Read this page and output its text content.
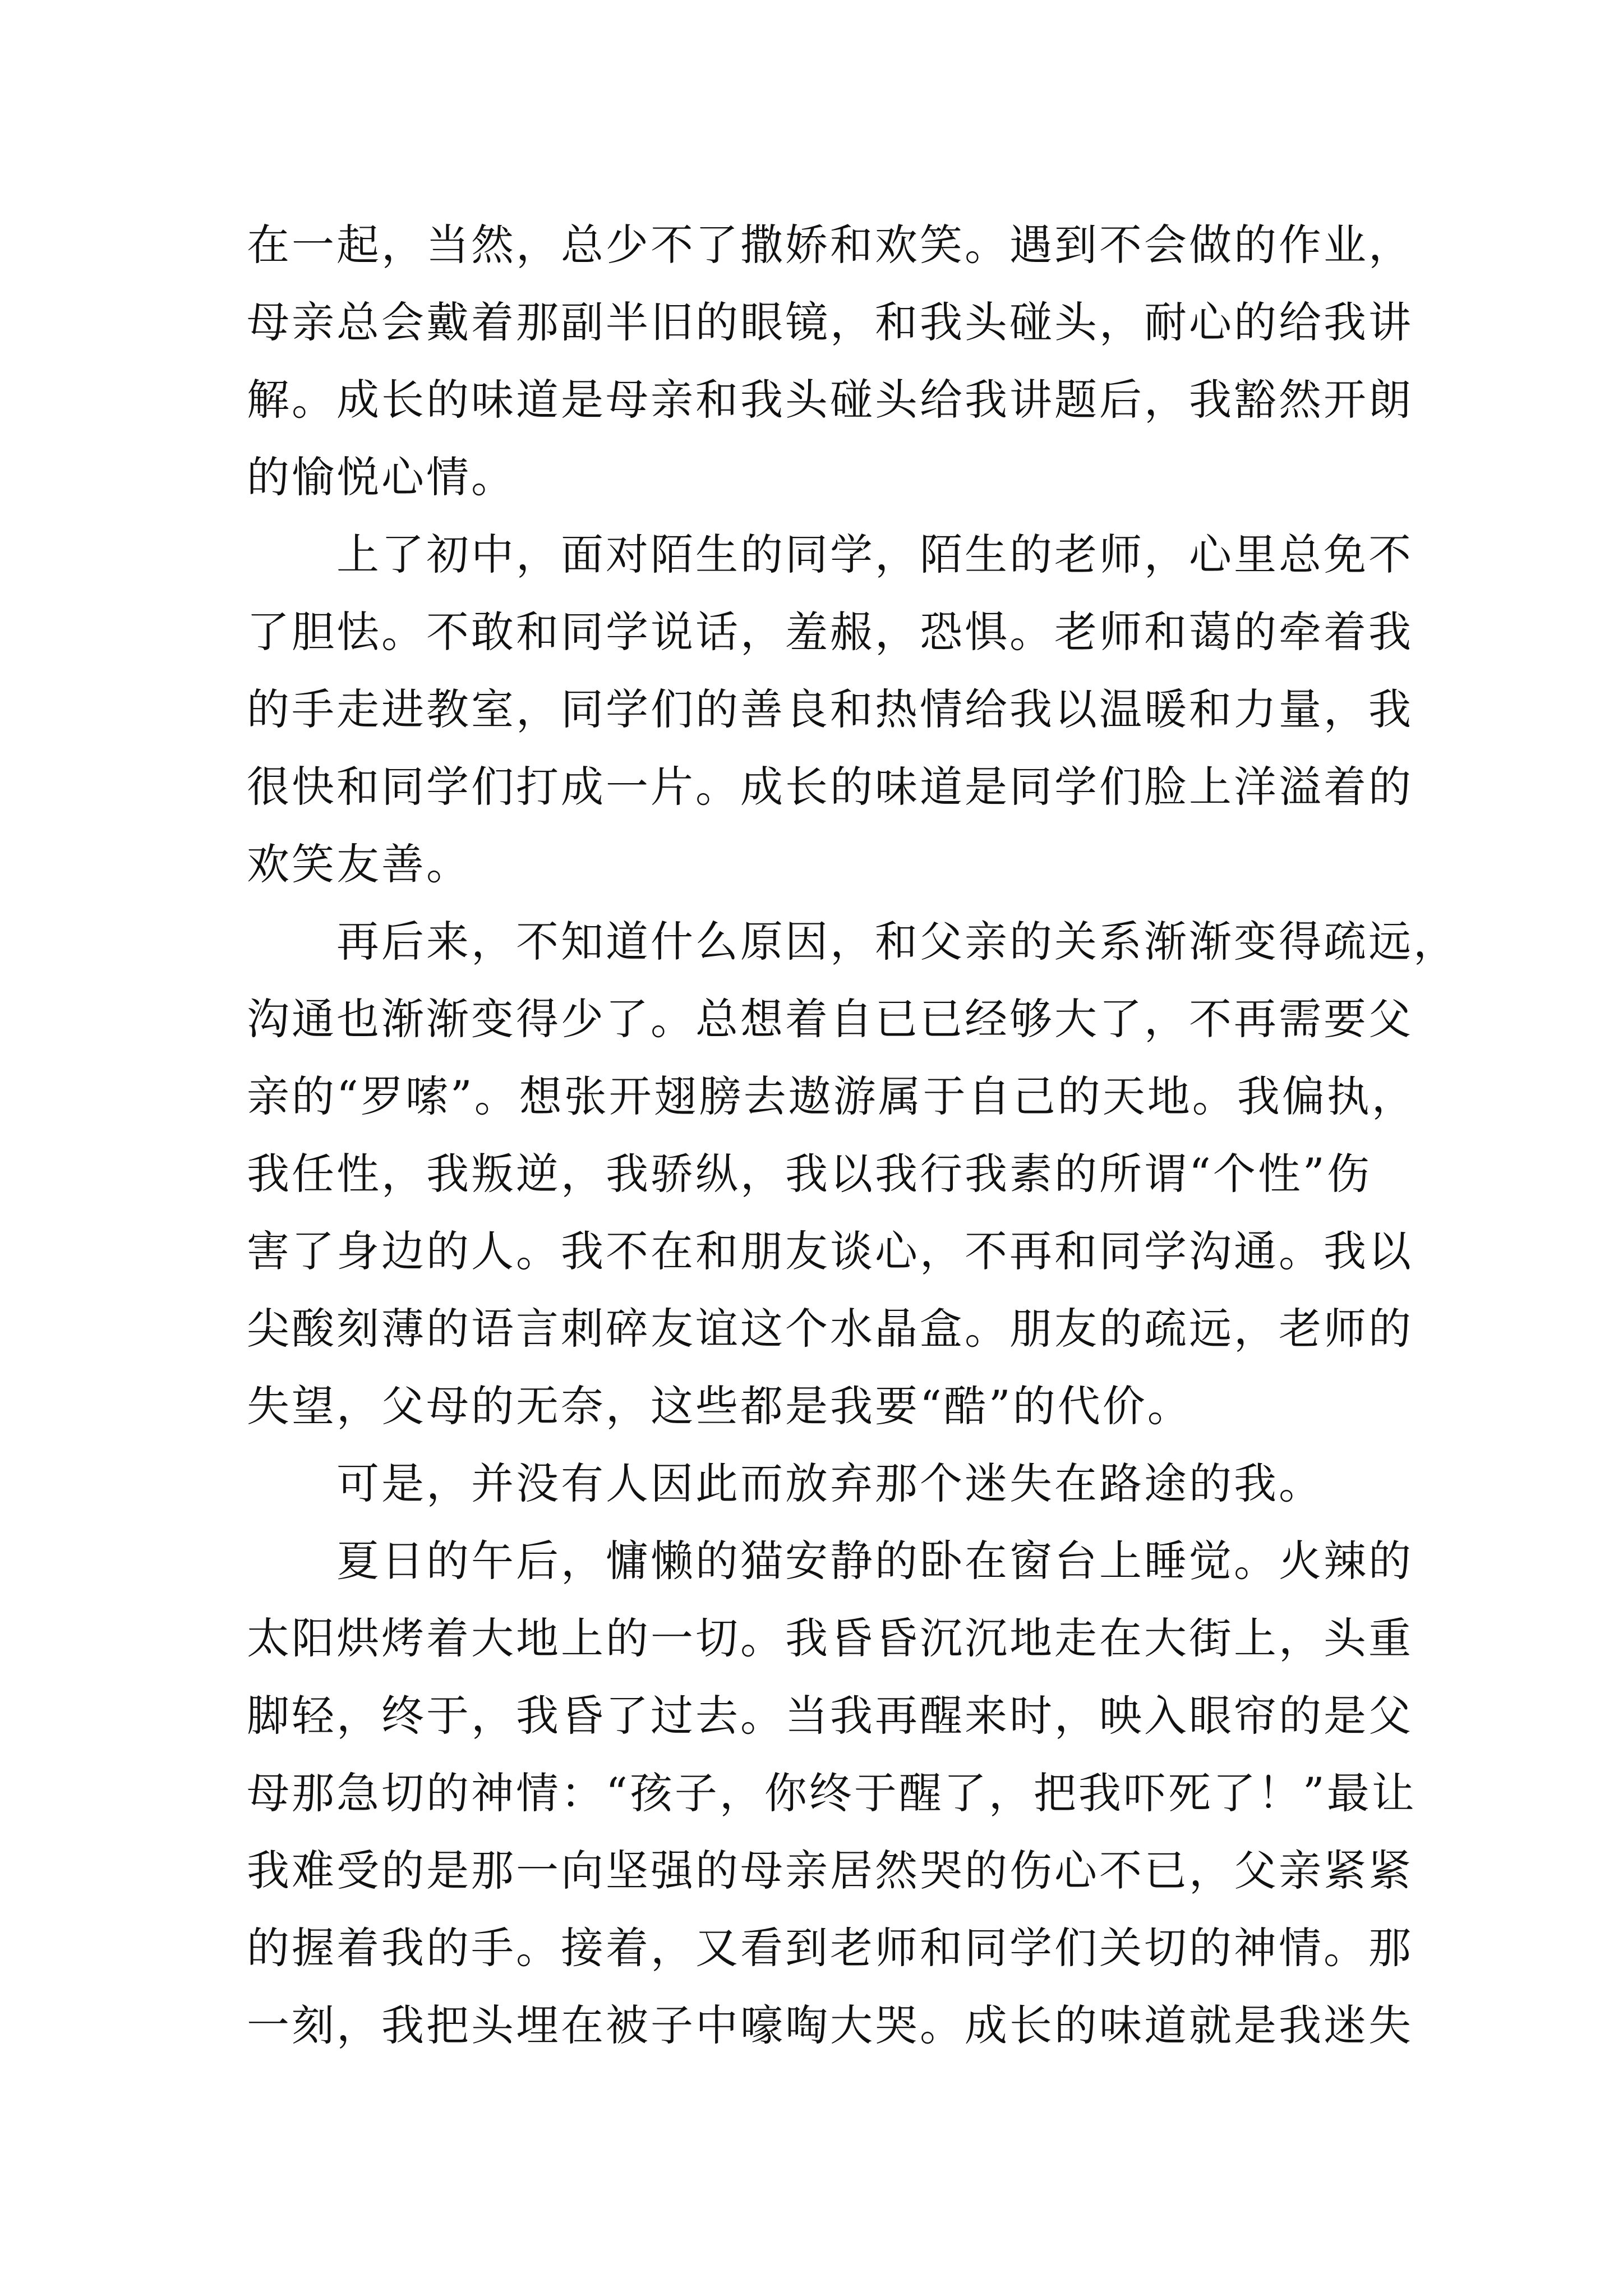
在一起，当然，总少不了撒娇和欢笑。遇到不会做的作业，
母亲总会戴着那副半旧的眼镜，和我头碰头，耐心的给我讲
解。成长的味道是母亲和我头碰头给我讲题后，我豁然开朗
的愉悦心情。
上了初中，面对陌生的同学，陌生的老师，心里总免不
了胆怯。不敢和同学说话，羞赧，恐惧。老师和蔼的牵着我
的手走进教室，同学们的善良和热情给我以温暖和力量，我
很快和同学们打成一片。成长的味道是同学们脸上洋溢着的
欢笑友善。
再后来，不知道什么原因，和父亲的关系渐渐变得疏远，
沟通也渐渐变得少了。总想着自已已经够大了，不再需要父
亲的“罗嗦”。想张开翅膀去遨游属于自己的天地。我偏执，
我任性，我叛逆，我骄纵，我以我行我素的所谓“个性”伤
害了身边的人。我不在和朋友谈心，不再和同学沟通。我以
尖酸刻薄的语言刺碎友谊这个水晶盒。朋友的疏远，老师的
失望，父母的无奈，这些都是我要“酷”的代价。
可是，并没有人因此而放弃那个迷失在路途的我。
夏日的午后，慵懒的猫安静的卧在窗台上睡觉。火辣的
太阳烘烤着大地上的一切。我昏昏沉沉地走在大街上，头重
脚轻，终于，我昏了过去。当我再醒来时，映入眼帘的是父
母那急切的神情：“孩子，你终于醒了，把我吓死了！”最让
我难受的是那一向坚强的母亲居然哭的伤心不已，父亲紧紧
的握着我的手。接着，又看到老师和同学们关切的神情。那
一刻，我把头埋在被子中嚎啕大哭。成长的味道就是我迷失
